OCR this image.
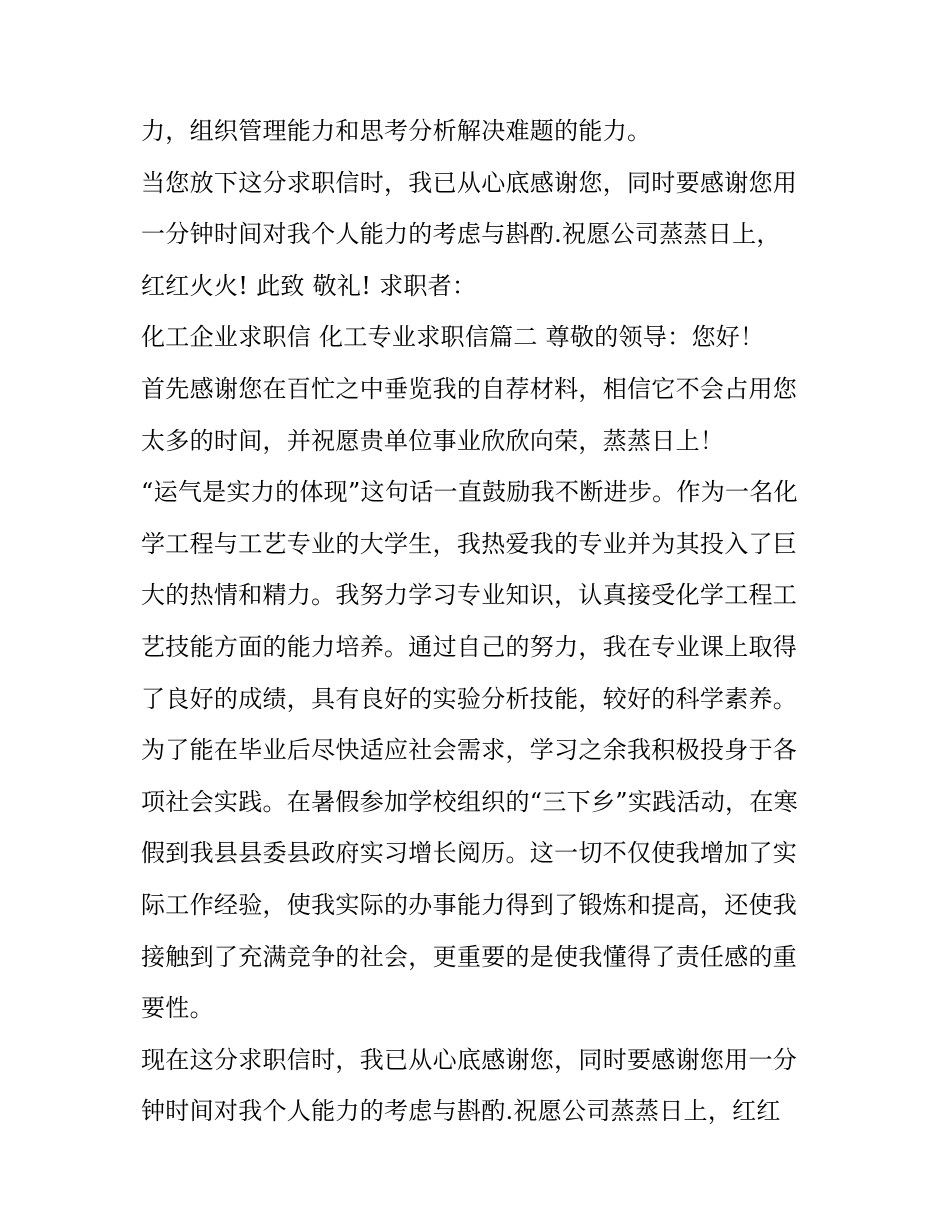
力，组织管理能力和思考分析解决难题的能力。
当您放下这分求职信时，我已从心底感谢您，同时要感谢您用
一分钟时间对我个人能力的考虑与斟酌.祝愿公司蒸蒸日上，
红红火火! 此致 敬礼! 求职者：
化工企业求职信 化工专业求职信篇二 尊敬的领导：您好！
首先感谢您在百忙之中垂览我的自荐材料，相信它不会占用您
太多的时间，并祝愿贵单位事业欣欣向荣，蒸蒸日上！
“运气是实力的体现”这句话一直鼓励我不断进步。作为一名化
学工程与工艺专业的大学生，我热爱我的专业并为其投入了巨
大的热情和精力。我努力学习专业知识，认真接受化学工程工
艺技能方面的能力培养。通过自己的努力，我在专业课上取得
了良好的成绩，具有良好的实验分析技能，较好的科学素养。
为了能在毕业后尽快适应社会需求，学习之余我积极投身于各
项社会实践。在暑假参加学校组织的“三下乡”实践活动，在寒
假到我县县委县政府实习增长阅历。这一切不仅使我增加了实
际工作经验，使我实际的办事能力得到了锻炼和提高，还使我
接触到了充满竞争的社会，更重要的是使我懂得了责任感的重
要性。
现在这分求职信时，我已从心底感谢您，同时要感谢您用一分
钟时间对我个人能力的考虑与斟酌.祝愿公司蒸蒸日上，红红
